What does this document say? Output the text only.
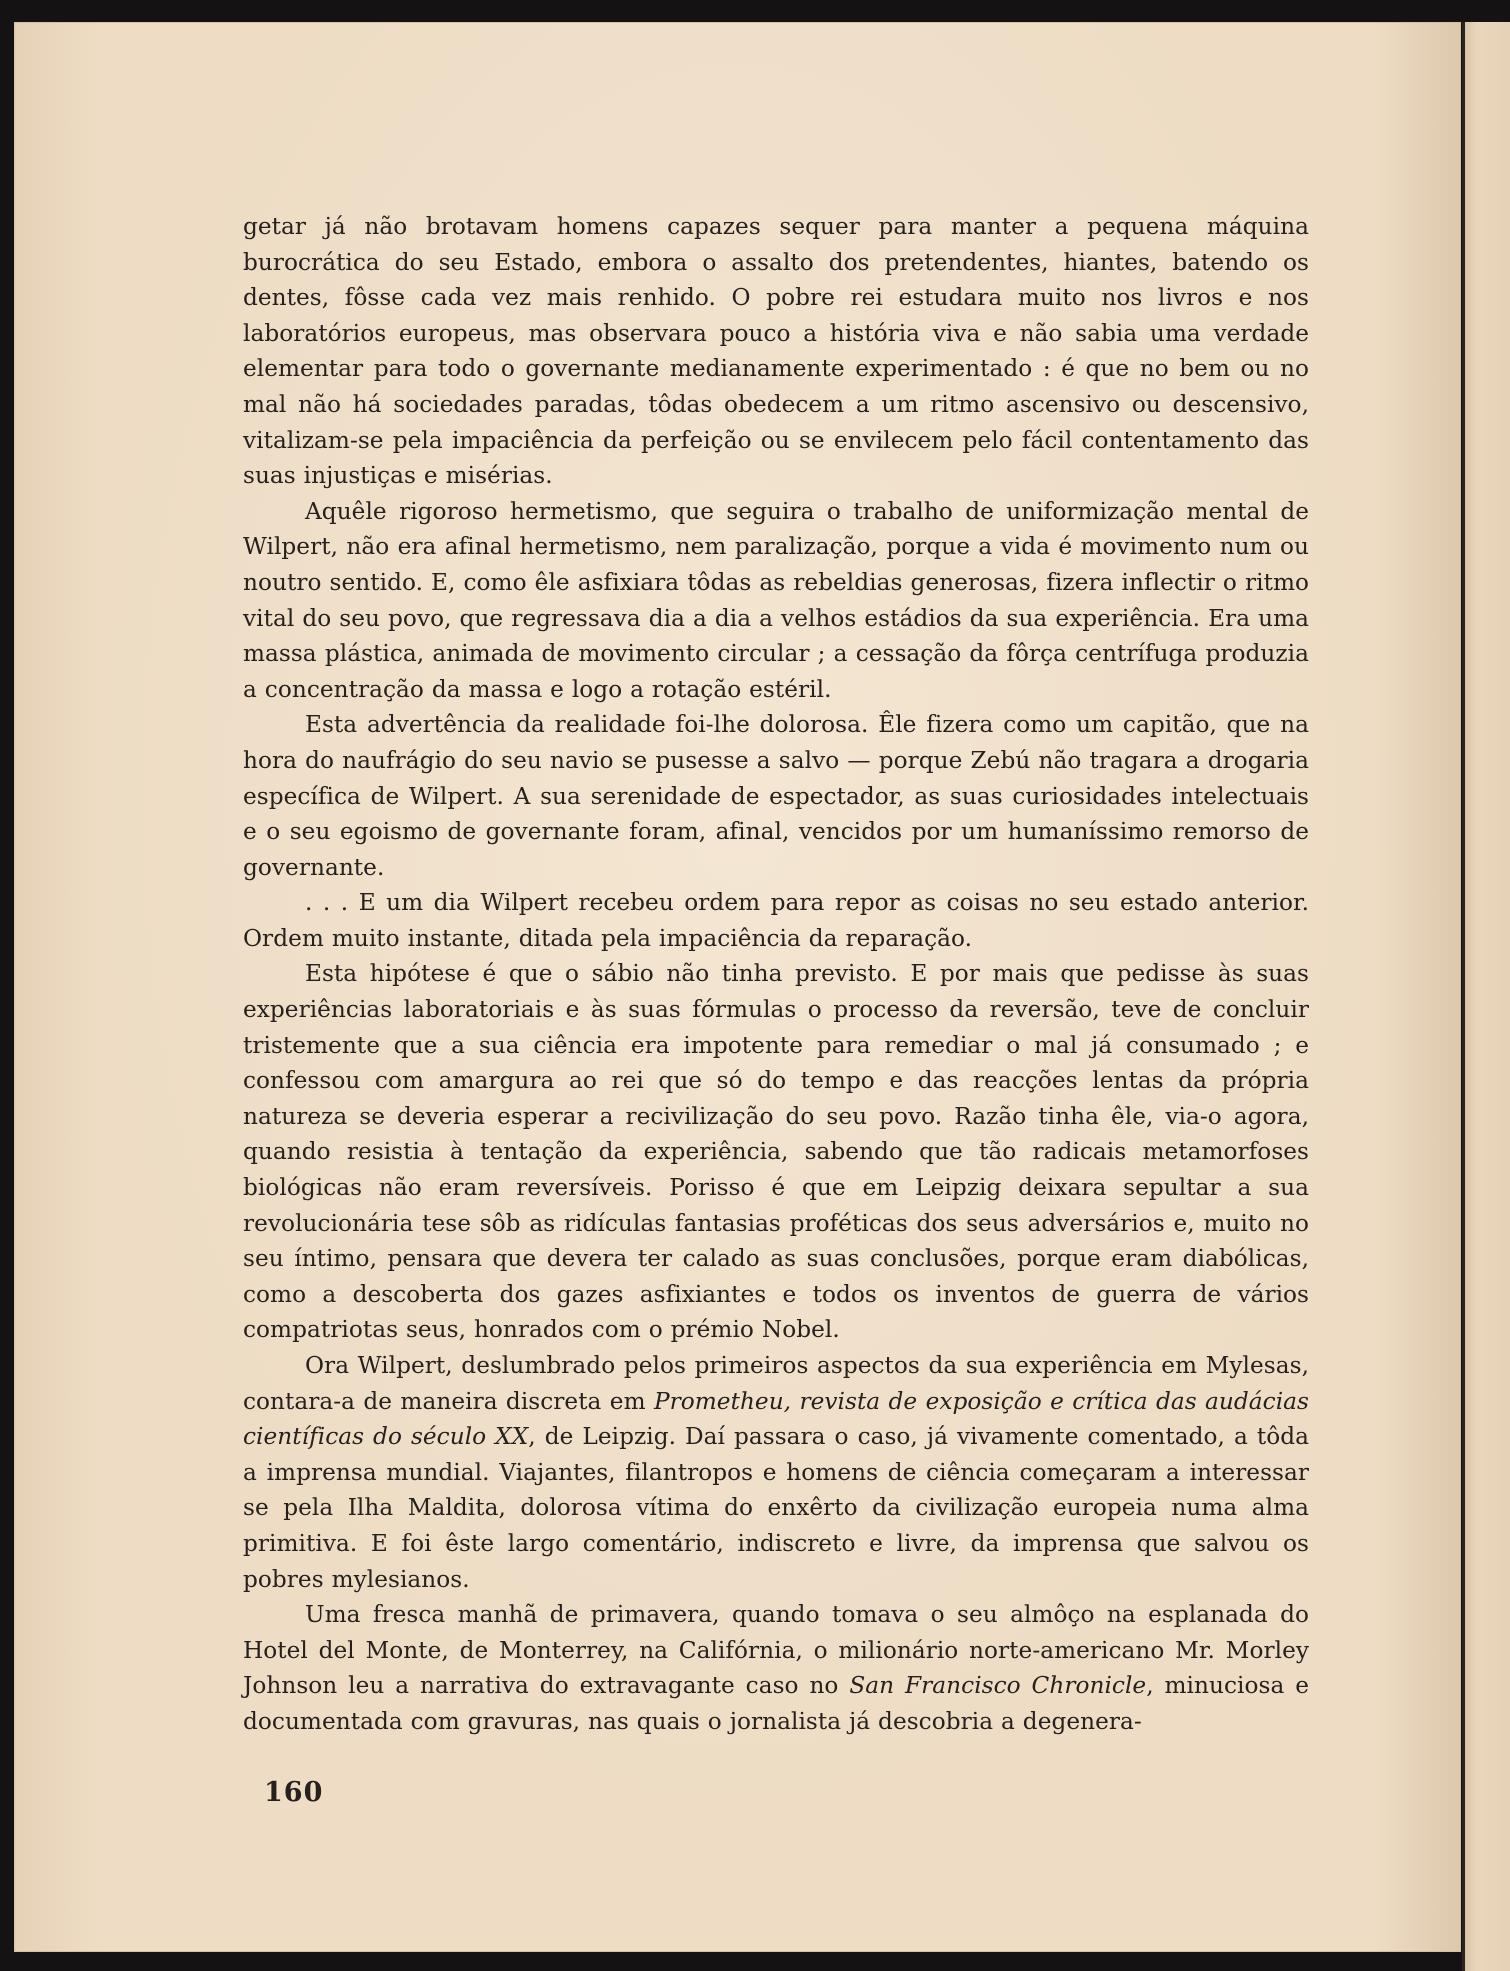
getar já não brotavam homens capazes sequer para manter a pequena máquina burocrática do seu Estado, embora o assalto dos pretendentes, hiantes, batendo os dentes, fôsse cada vez mais renhido. O pobre rei estudara muito nos livros e nos laboratórios europeus, mas observara pouco a história viva e não sabia uma verdade elementar para todo o governante medianamente experimentado : é que no bem ou no mal não há sociedades paradas, tôdas obedecem a um ritmo ascensivo ou descensivo, vitalizam-se pela impaciência da perfeição ou se envilecem pelo fácil contentamento das suas injustiças e misérias.

Aquêle rigoroso hermetismo, que seguira o trabalho de uniformização mental de Wilpert, não era afinal hermetismo, nem paralização, porque a vida é movimento num ou noutro sentido. E, como êle asfixiara tôdas as rebeldias generosas, fizera inflectir o ritmo vital do seu povo, que regressava dia a dia a velhos estádios da sua experiência. Era uma massa plástica, animada de movimento circular ; a cessação da fôrça centrífuga produzia a concentração da massa e logo a rotação estéril.

Esta advertência da realidade foi-lhe dolorosa. Êle fizera como um capitão, que na hora do naufrágio do seu navio se pusesse a salvo — porque Zebú não tragara a drogaria específica de Wilpert. A sua serenidade de espectador, as suas curiosidades intelectuais e o seu egoismo de governante foram, afinal, vencidos por um humaníssimo remorso de governante.

. . . E um dia Wilpert recebeu ordem para repor as coisas no seu estado anterior. Ordem muito instante, ditada pela impaciência da reparação.

Esta hipótese é que o sábio não tinha previsto. E por mais que pedisse às suas experiências laboratoriais e às suas fórmulas o processo da reversão, teve de concluir tristemente que a sua ciência era impotente para remediar o mal já consumado ; e confessou com amargura ao rei que só do tempo e das reacções lentas da própria natureza se deveria esperar a recivilização do seu povo. Razão tinha êle, via-o agora, quando resistia à tentação da experiência, sabendo que tão radicais metamorfoses biológicas não eram reversíveis. Porisso é que em Leipzig deixara sepultar a sua revolucionária tese sôb as ridículas fantasias proféticas dos seus adversários e, muito no seu íntimo, pensara que devera ter calado as suas conclusões, porque eram diabólicas, como a descoberta dos gazes asfixiantes e todos os inventos de guerra de vários compatriotas seus, honrados com o prémio Nobel.

Ora Wilpert, deslumbrado pelos primeiros aspectos da sua experiência em Mylesas, contara-a de maneira discreta em Prometheu, revista de exposição e crítica das audácias científicas do século XX, de Leipzig. Daí passara o caso, já vivamente comentado, a tôda a imprensa mundial. Viajantes, filantropos e homens de ciência começaram a interessar se pela Ilha Maldita, dolorosa vítima do enxêrto da civilização europeia numa alma primitiva. E foi êste largo comentário, indiscreto e livre, da imprensa que salvou os pobres mylesianos.

Uma fresca manhã de primavera, quando tomava o seu almôço na esplanada do Hotel del Monte, de Monterrey, na Califórnia, o milionário norte-americano Mr. Morley Johnson leu a narrativa do extravagante caso no San Francisco Chronicle, minuciosa e documentada com gravuras, nas quais o jornalista já descobria a degenera-

160
